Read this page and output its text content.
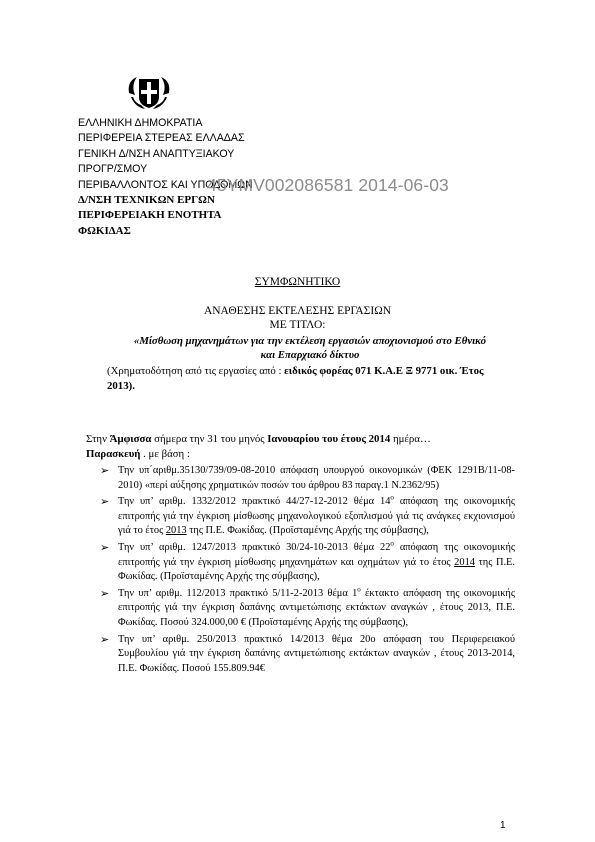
ΕΛΛΗΝΙΚΗ ΔΗΜΟΚΡΑΤΙΑ
ΠΕΡΙΦΕΡΕΙΑ ΣΤΕΡΕΑΣ ΕΛΛΑΔΑΣ
ΓΕΝΙΚΗ Δ/ΝΣΗ ΑΝΑΠΤΥΞΙΑΚΟΥ
ΠΡΟΓΡ/ΣΜΟΥ
ΠΕΡΙΒΑΛΛΟΝΤΟΣ ΚΑΙ ΥΠΟΔΟΜΩΝ
Δ/ΝΣΗ ΤΕΧΝΙΚΩΝ ΕΡΓΩΝ
ΠΕΡΙΦΕΡΕΙΑΚΗ ΕΝΟΤΗΤΑ
ΦΩΚΙΔΑΣ
45ΥΜV002086581 2014-06-03
ΣΥΜΦΩΝΗΤΙΚΟ
ΑΝΑΘΕΣΗΣ ΕΚΤΕΛΕΣΗΣ ΕΡΓΑΣΙΩΝ
ΜΕ ΤΙΤΛΟ:
«Μίσθωση μηχανημάτων για την εκτέλεση εργασιών αποχιονισμού στο Εθνικό
και Επαρχιακό δίκτυο
(Χρηματοδότηση από τις εργασίες από : ειδικός φορέας 071 Κ.Α.Ε Ξ 9771 οικ. Έτος 2013).
Στην Άμφισσα σήμερα την 31 του μηνός Ιανουαρίου του έτους 2014 ημέρα…
Παρασκευή . με βάση :
➢ Την υπ΄αριθμ.35130/739/09-08-2010 απόφαση υπουργού οικονομικών (ΦΕΚ 1291Β/11-08-2010) «περί αύξησης χρηματικών ποσών του άρθρου 83 παραγ.1 Ν.2362/95)
➢ Την υπ’ αριθμ. 1332/2012 πρακτικό 44/27-12-2012 θέμα $14^o$ απόφαση της οικονομικής επιτροπής γιά την έγκριση μίσθωσης μηχανολογικού εξοπλισμού γιά τις ανάγκες εκχιονισμού γιά το έτος 2013 της Π.Ε. Φωκίδας. (Προϊσταμένης Αρχής της σύμβασης),
➢ Την υπ’ αριθμ. 1247/2013 πρακτικό 30/24-10-2013 θέμα $22^o$ απόφαση της οικονομικής επιτροπής γιά την έγκριση μίσθωσης μηχανημάτων και οχημάτων γιά το έτος 2014 της Π.Ε. Φωκίδας. (Προϊσταμένης Αρχής της σύμβασης),
➢ Την υπ’ αριθμ. 112/2013 πρακτικό 5/11-2-2013 θέμα $1^o$ έκτακτο απόφαση της οικονομικής επιτροπής γιά την έγκριση δαπάνης αντιμετώπισης εκτάκτων αναγκών , έτους 2013, Π.Ε. Φωκίδας. Ποσού 324.000,00 € (Προϊσταμένης Αρχής της σύμβασης),
➢ Την υπ’ αριθμ. 250/2013 πρακτικό 14/2013 θέμα 20ο απόφαση του Περιφερειακού Συμβουλίου γιά την έγκριση δαπάνης αντιμετώπισης εκτάκτων αναγκών , έτους 2013-2014, Π.Ε. Φωκίδας. Ποσού 155.809.94€
1
